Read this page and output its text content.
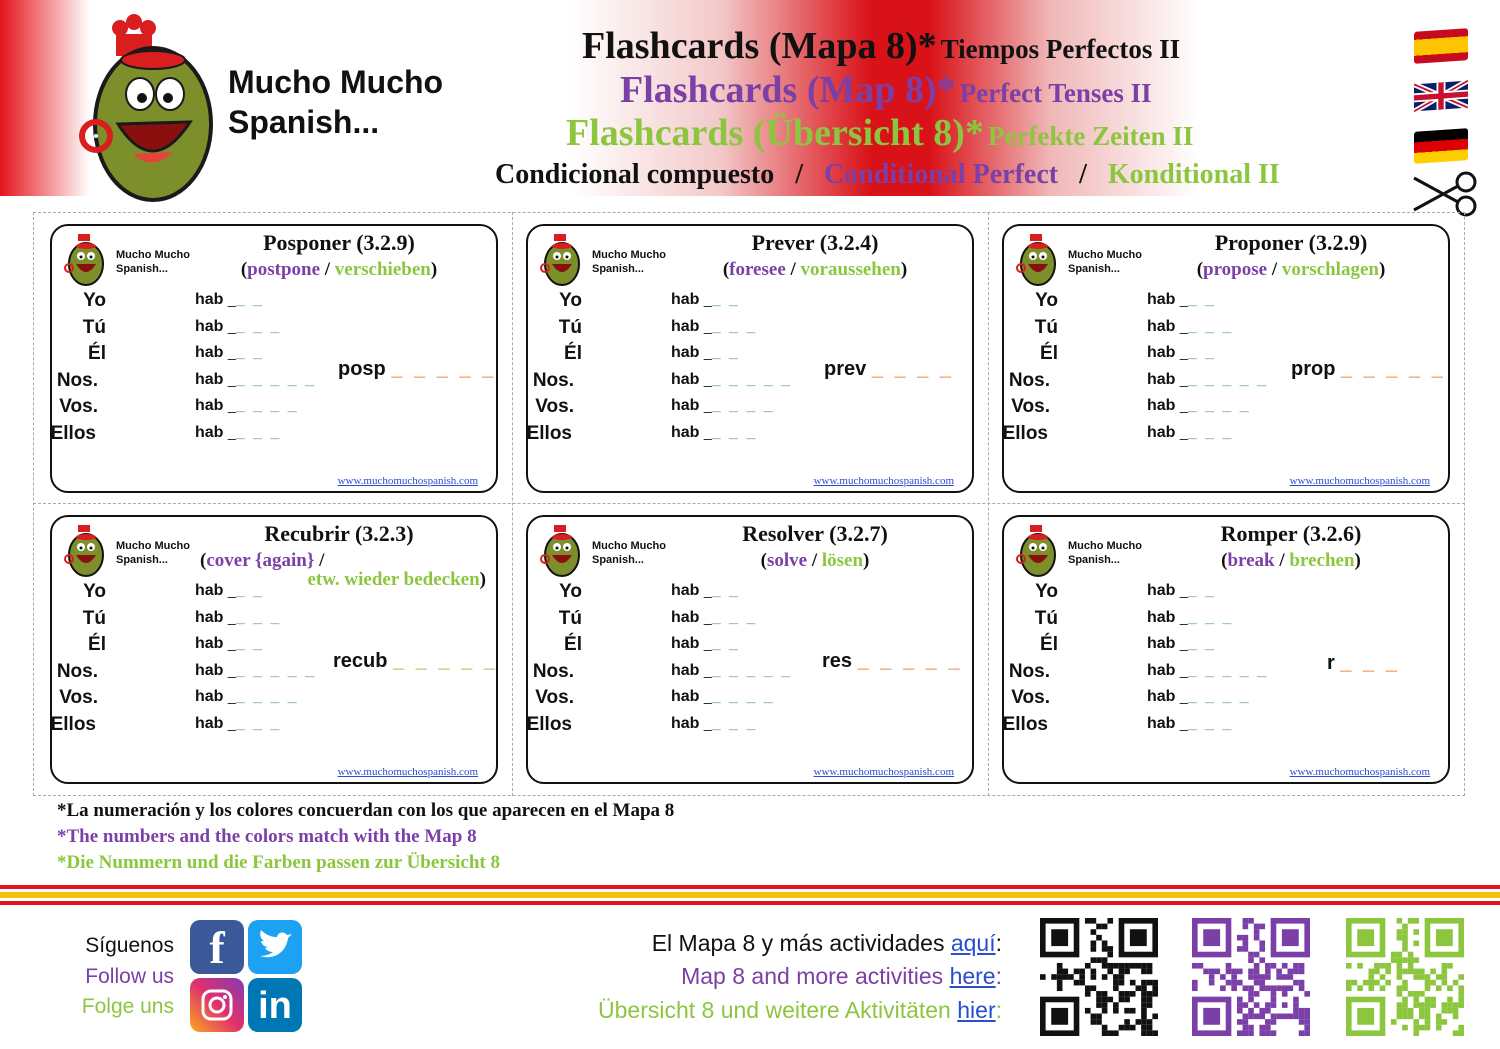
Mucho Mucho
Spanish...
Flashcards (Mapa 8)* Tiempos Perfectos II
Flashcards (Map 8)* Perfect Tenses II
Flashcards (Übersicht 8)* Perfekte Zeiten II
Condicional compuesto / Conditional Perfect / Konditional II
Mucho Mucho
Spanish...
Posponer (3.2.9)
(postpone / verschieben)
Yo	hab __ _
Tú	hab __ _ _
Él	hab __ _
Nos.	hab __ _ _ _ _
Vos.	hab __ _ _ _
Ellos	hab __ _ _
posp _ _ _ _ _
www.muchomuchospanish.com
Mucho Mucho
Spanish...
Prever (3.2.4)
(foresee / voraussehen)
Yo	hab __ _
Tú	hab __ _ _
Él	hab __ _
Nos.	hab __ _ _ _ _
Vos.	hab __ _ _ _
Ellos	hab __ _ _
prev _ _ _ _
www.muchomuchospanish.com
Mucho Mucho
Spanish...
Proponer (3.2.9)
(propose / vorschlagen)
Yo	hab __ _
Tú	hab __ _ _
Él	hab __ _
Nos.	hab __ _ _ _ _
Vos.	hab __ _ _ _
Ellos	hab __ _ _
prop _ _ _ _ _
www.muchomuchospanish.com
Mucho Mucho
Spanish...
Recubrir (3.2.3)
(cover {again} /
etw. wieder bedecken)
Yo	hab __ _
Tú	hab __ _ _
Él	hab __ _
Nos.	hab __ _ _ _ _
Vos.	hab __ _ _ _
Ellos	hab __ _ _
recub _ _ _ _ _
www.muchomuchospanish.com
Mucho Mucho
Spanish...
Resolver (3.2.7)
(solve / lösen)
Yo	hab __ _
Tú	hab __ _ _
Él	hab __ _
Nos.	hab __ _ _ _ _
Vos.	hab __ _ _ _
Ellos	hab __ _ _
res _ _ _ _ _
www.muchomuchospanish.com
Mucho Mucho
Spanish...
Romper (3.2.6)
(break / brechen)
Yo	hab __ _
Tú	hab __ _ _
Él	hab __ _
Nos.	hab __ _ _ _ _
Vos.	hab __ _ _ _
Ellos	hab __ _ _
r _ _ _
www.muchomuchospanish.com
*La numeración y los colores concuerdan con los que aparecen en el Mapa 8
*The numbers and the colors match with the Map 8
*Die Nummern und die Farben passen zur Übersicht 8
Síguenos
Follow us
Folge uns
f
in
El Mapa 8 y más actividades aquí:
Map 8 and more activities here:
Übersicht 8 und weitere Aktivitäten hier:
